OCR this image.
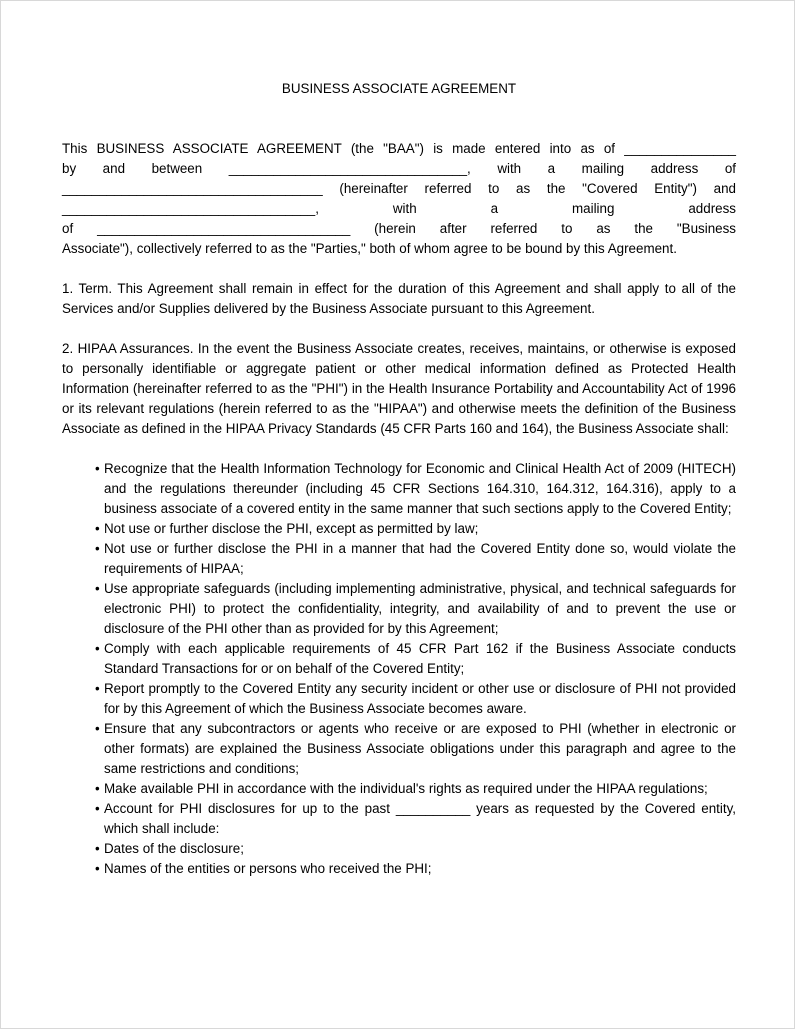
BUSINESS ASSOCIATE AGREEMENT
This BUSINESS ASSOCIATE AGREEMENT (the "BAA") is made entered into as of _______________
by and between ________________________________, with a mailing address of
___________________________________ (hereinafter referred to as the "Covered Entity") and
__________________________________, with a mailing address
of __________________________________ (herein after referred to as the "Business
Associate"), collectively referred to as the "Parties," both of whom agree to be bound by this Agreement.
1. Term. This Agreement shall remain in effect for the duration of this Agreement and shall apply to all of the Services and/or Supplies delivered by the Business Associate pursuant to this Agreement.
2. HIPAA Assurances. In the event the Business Associate creates, receives, maintains, or otherwise is exposed to personally identifiable or aggregate patient or other medical information defined as Protected Health Information (hereinafter referred to as the "PHI") in the Health Insurance Portability and Accountability Act of 1996 or its relevant regulations (herein referred to as the "HIPAA") and otherwise meets the definition of the Business Associate as defined in the HIPAA Privacy Standards (45 CFR Parts 160 and 164), the Business Associate shall:
• Recognize that the Health Information Technology for Economic and Clinical Health Act of 2009 (HITECH) and the regulations thereunder (including 45 CFR Sections 164.310, 164.312, 164.316), apply to a business associate of a covered entity in the same manner that such sections apply to the Covered Entity;
• Not use or further disclose the PHI, except as permitted by law;
• Not use or further disclose the PHI in a manner that had the Covered Entity done so, would violate the requirements of HIPAA;
• Use appropriate safeguards (including implementing administrative, physical, and technical safeguards for electronic PHI) to protect the confidentiality, integrity, and availability of and to prevent the use or disclosure of the PHI other than as provided for by this Agreement;
• Comply with each applicable requirements of 45 CFR Part 162 if the Business Associate conducts Standard Transactions for or on behalf of the Covered Entity;
• Report promptly to the Covered Entity any security incident or other use or disclosure of PHI not provided for by this Agreement of which the Business Associate becomes aware.
• Ensure that any subcontractors or agents who receive or are exposed to PHI (whether in electronic or other formats) are explained the Business Associate obligations under this paragraph and agree to the same restrictions and conditions;
• Make available PHI in accordance with the individual's rights as required under the HIPAA regulations;
• Account for PHI disclosures for up to the past __________ years as requested by the Covered entity, which shall include:
• Dates of the disclosure;
• Names of the entities or persons who received the PHI;
